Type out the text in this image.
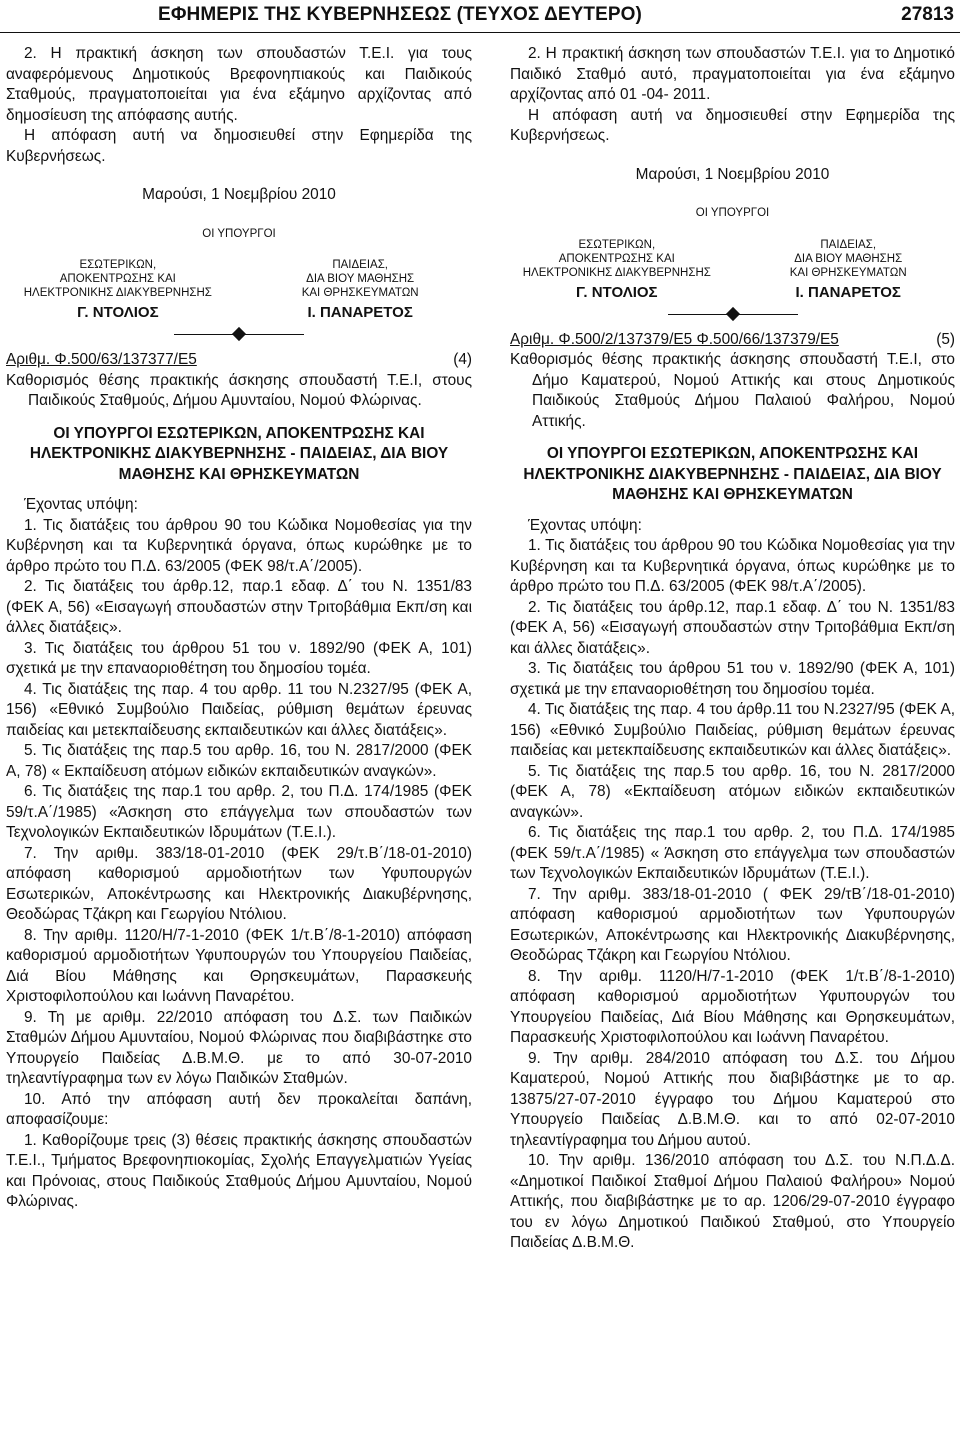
ΕΦΗΜΕΡΙΣ ΤΗΣ ΚΥΒΕΡΝΗΣΕΩΣ (ΤΕΥΧΟΣ ΔΕΥΤΕΡΟ)	27813

2. Η πρακτική άσκηση των σπουδαστών Τ.Ε.Ι. για τους αναφερόμενους Δημοτικούς Βρεφονηπιακούς και Παιδικούς Σταθμούς, πραγματοποιείται για ένα εξάμηνο αρχίζοντας από δημοσίευση της απόφασης αυτής.

Η απόφαση αυτή να δημοσιευθεί στην Εφημερίδα της Κυβερνήσεως.

Μαρούσι, 1 Νοεμβρίου 2010
ΟΙ ΥΠΟΥΡΓΟΙ
ΕΣΩΤΕΡΙΚΩΝ,
ΑΠΟΚΕΝΤΡΩΣΗΣ ΚΑΙ
ΗΛΕΚΤΡΟΝΙΚΗΣ ΔΙΑΚΥΒΕΡΝΗΣΗΣ
Γ. ΝΤΟΛΙΟΣ
ΠΑΙΔΕΙΑΣ,
ΔΙΑ ΒΙΟΥ ΜΑΘΗΣΗΣ
ΚΑΙ ΘΡΗΣΚΕΥΜΑΤΩΝ
Ι. ΠΑΝΑΡΕΤΟΣ
Αριθμ. Φ.500/63/137377/Ε5	(4)

Καθορισμός θέσης πρακτικής άσκησης σπουδαστή Τ.Ε.Ι, στους Παιδικούς Σταθμούς, Δήμου Αμυνταίου, Νομού Φλώρινας.

ΟΙ ΥΠΟΥΡΓΟΙ ΕΣΩΤΕΡΙΚΩΝ, ΑΠΟΚΕΝΤΡΩΣΗΣ ΚΑΙ ΗΛΕΚΤΡΟΝΙΚΗΣ ΔΙΑΚΥΒΕΡΝΗΣΗΣ - ΠΑΙΔΕΙΑΣ, ΔΙΑ ΒΙΟΥ ΜΑΘΗΣΗΣ ΚΑΙ ΘΡΗΣΚΕΥΜΑΤΩΝ

Έχοντας υπόψη:

1. Τις διατάξεις του άρθρου 90 του Κώδικα Νομοθεσίας για την Κυβέρνηση και τα Κυβερνητικά όργανα, όπως κυρώθηκε με το άρθρο πρώτο του Π.Δ. 63/2005 (ΦΕΚ 98/τ.Α΄/2005).

2. Τις διατάξεις του άρθρ.12, παρ.1 εδαφ. Δ΄ του Ν. 1351/83 (ΦΕΚ Α, 56) «Εισαγωγή σπουδαστών στην Τριτοβάθμια Εκπ/ση και άλλες διατάξεις».

3. Τις διατάξεις του άρθρου 51 του ν. 1892/90 (ΦΕΚ Α, 101) σχετικά με την επαναοριοθέτηση του δημοσίου τομέα.

4. Τις διατάξεις της παρ. 4 του αρθρ. 11 του Ν.2327/95 (ΦΕΚ Α, 156) «Εθνικό Συμβούλιο Παιδείας, ρύθμιση θεμάτων έρευνας παιδείας και μετεκπαίδευσης εκπαιδευτικών και άλλες διατάξεις».

5. Τις διατάξεις της παρ.5 του αρθρ. 16, του Ν. 2817/2000 (ΦΕΚ Α, 78) « Εκπαίδευση ατόμων ειδικών εκπαιδευτικών αναγκών».

6. Τις διατάξεις της παρ.1 του αρθρ. 2, του Π.Δ. 174/1985 (ΦΕΚ 59/τ.Α΄/1985) «Άσκηση στο επάγγελμα των σπουδαστών των Τεχνολογικών Εκπαιδευτικών Ιδρυμάτων (Τ.Ε.Ι.).

7. Την αριθμ. 383/18-01-2010 (ΦΕΚ 29/τ.Β΄/18-01-2010) απόφαση καθορισμού αρμοδιοτήτων των Υφυπουργών Εσωτερικών, Αποκέντρωσης και Ηλεκτρονικής Διακυβέρνησης, Θεοδώρας Τζάκρη και Γεωργίου Ντόλιου.

8. Την αριθμ. 1120/Η/7-1-2010 (ΦΕΚ 1/τ.Β΄/8-1-2010) απόφαση καθορισμού αρμοδιοτήτων Υφυπουργών του Υπουργείου Παιδείας, Διά Βίου Μάθησης και Θρησκευμάτων, Παρασκευής Χριστοφιλοπούλου και Ιωάννη Παναρέτου.

9. Τη με αριθμ. 22/2010 απόφαση του Δ.Σ. των Παιδικών Σταθμών Δήμου Αμυνταίου, Νομού Φλώρινας που διαβιβάστηκε στο Υπουργείο Παιδείας Δ.Β.Μ.Θ. με το από 30-07-2010 τηλεαντίγραφημα των εν λόγω Παιδικών Σταθμών.

10. Από την απόφαση αυτή δεν προκαλείται δαπάνη, αποφασίζουμε:

1. Καθορίζουμε τρεις (3) θέσεις πρακτικής άσκησης σπουδαστών Τ.Ε.Ι., Τμήματος Βρεφονηπιοκομίας, Σχολής Επαγγελματιών Υγείας και Πρόνοιας, στους Παιδικούς Σταθμούς Δήμου Αμυνταίου, Νομού Φλώρινας.

2. Η πρακτική άσκηση των σπουδαστών Τ.Ε.Ι. για το Δημοτικό Παιδικό Σταθμό αυτό, πραγματοποιείται για ένα εξάμηνο αρχίζοντας από 01 -04- 2011.

Η απόφαση αυτή να δημοσιευθεί στην Εφημερίδα της Κυβερνήσεως.

Μαρούσι, 1 Νοεμβρίου 2010
ΟΙ ΥΠΟΥΡΓΟΙ
ΕΣΩΤΕΡΙΚΩΝ,
ΑΠΟΚΕΝΤΡΩΣΗΣ ΚΑΙ
ΗΛΕΚΤΡΟΝΙΚΗΣ ΔΙΑΚΥΒΕΡΝΗΣΗΣ
Γ. ΝΤΟΛΙΟΣ
ΠΑΙΔΕΙΑΣ,
ΔΙΑ ΒΙΟΥ ΜΑΘΗΣΗΣ
ΚΑΙ ΘΡΗΣΚΕΥΜΑΤΩΝ
Ι. ΠΑΝΑΡΕΤΟΣ
Αριθμ. Φ.500/2/137379/Ε5 Φ.500/66/137379/Ε5	(5)

Καθορισμός θέσης πρακτικής άσκησης σπουδαστή Τ.Ε.Ι, στο Δήμο Καματερού, Νομού Αττικής και στους Δημοτικούς Παιδικούς Σταθμούς Δήμου Παλαιού Φαλήρου, Νομού Αττικής.

ΟΙ ΥΠΟΥΡΓΟΙ ΕΣΩΤΕΡΙΚΩΝ, ΑΠΟΚΕΝΤΡΩΣΗΣ ΚΑΙ ΗΛΕΚΤΡΟΝΙΚΗΣ ΔΙΑΚΥΒΕΡΝΗΣΗΣ - ΠΑΙΔΕΙΑΣ, ΔΙΑ ΒΙΟΥ ΜΑΘΗΣΗΣ ΚΑΙ ΘΡΗΣΚΕΥΜΑΤΩΝ

Έχοντας υπόψη:

1. Τις διατάξεις του άρθρου 90 του Κώδικα Νομοθεσίας για την Κυβέρνηση και τα Κυβερνητικά όργανα, όπως κυρώθηκε με το άρθρο πρώτο του Π.Δ. 63/2005 (ΦΕΚ 98/τ.Α΄/2005).

2. Τις διατάξεις του άρθρ.12, παρ.1 εδαφ. Δ΄ του Ν. 1351/83 (ΦΕΚ Α, 56) «Εισαγωγή σπουδαστών στην Τριτοβάθμια Εκπ/ση και άλλες διατάξεις».

3. Τις διατάξεις του άρθρου 51 του ν. 1892/90 (ΦΕΚ Α, 101) σχετικά με την επαναοριοθέτηση του δημοσίου τομέα.

4. Τις διατάξεις της παρ. 4 του άρθρ.11 του Ν.2327/95 (ΦΕΚ Α, 156) «Εθνικό Συμβούλιο Παιδείας, ρύθμιση θεμάτων έρευνας παιδείας και μετεκπαίδευσης εκπαιδευτικών και άλλες διατάξεις».

5. Τις διατάξεις της παρ.5 του αρθρ. 16, του Ν. 2817/2000 (ΦΕΚ Α, 78) «Εκπαίδευση ατόμων ειδικών εκπαιδευτικών αναγκών».

6. Τις διατάξεις της παρ.1 του αρθρ. 2, του Π.Δ. 174/1985 (ΦΕΚ 59/τ.Α΄/1985) « Άσκηση στο επάγγελμα των σπουδαστών των Τεχνολογικών Εκπαιδευτικών Ιδρυμάτων (Τ.Ε.Ι.).

7. Την αριθμ. 383/18-01-2010 ( ΦΕΚ 29/τΒ΄/18-01-2010) απόφαση καθορισμού αρμοδιοτήτων των Υφυπουργών Εσωτερικών, Αποκέντρωσης και Ηλεκτρονικής Διακυβέρνησης, Θεοδώρας Τζάκρη και Γεωργίου Ντόλιου.

8. Την αριθμ. 1120/Η/7-1-2010 (ΦΕΚ 1/τ.Β΄/8-1-2010) απόφαση καθορισμού αρμοδιοτήτων Υφυπουργών του Υπουργείου Παιδείας, Διά Βίου Μάθησης και Θρησκευμάτων, Παρασκευής Χριστοφιλοπούλου και Ιωάννη Παναρέτου.

9. Την αριθμ. 284/2010 απόφαση του Δ.Σ. του Δήμου Καματερού, Νομού Αττικής που διαβιβάστηκε με το αρ. 13875/27-07-2010 έγγραφο του Δήμου Καματερού στο Υπουργείο Παιδείας Δ.Β.Μ.Θ. και το από 02-07-2010 τηλεαντίγραφημα του Δήμου αυτού.

10. Την αριθμ. 136/2010 απόφαση του Δ.Σ. του Ν.Π.Δ.Δ. «Δημοτικοί Παιδικοί Σταθμοί Δήμου Παλαιού Φαλήρου» Νομού Αττικής, που διαβιβάστηκε με το αρ. 1206/29-07-2010 έγγραφο του εν λόγω Δημοτικού Παιδικού Σταθμού, στο Υπουργείο Παιδείας Δ.Β.Μ.Θ.
